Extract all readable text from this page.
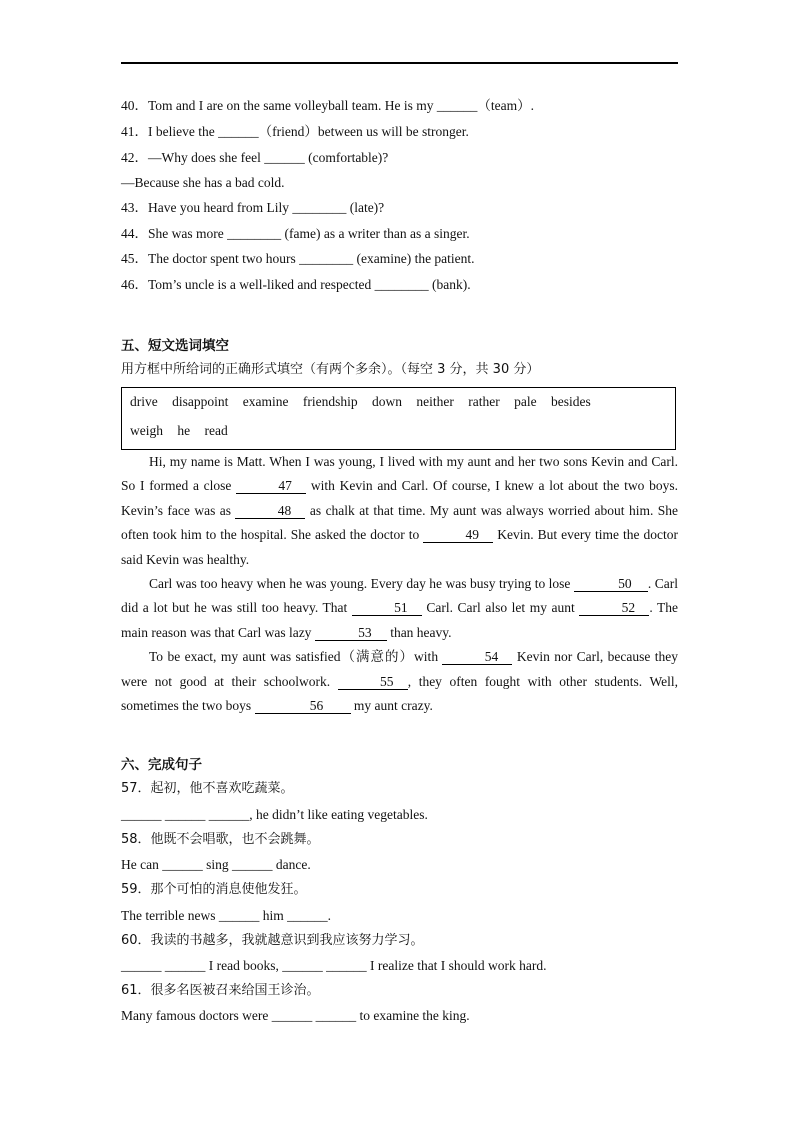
40．Tom and I are on the same volleyball team. He is my ______（team）.
41．I believe the ______（friend）between us will be stronger.
42．—Why does she feel ______ (comfortable)?
—Because she has a bad cold.
43．Have you heard from Lily ________ (late)?
44．She was more ________ (fame) as a writer than as a singer.
45．The doctor spent two hours ________ (examine) the patient.
46．Tom’s uncle is a well-liked and respected ________ (bank).
五、短文选词填空
用方框中所给词的正确形式填空（有两个多余）。（每空 3 分，共 30 分）
drive disappoint examine friendship down neither rather pale besides
weigh he read

Hi, my name is Matt. When I was young, I lived with my aunt and her two sons Kevin and Carl. So I formed a close	47 with Kevin and Carl. Of course, I knew a lot about the two boys. Kevin’s face was as	48 as chalk at that time. My aunt was always worried about him. She often took him to the hospital. She asked the doctor to	49 Kevin. But every time the doctor said Kevin was healthy.

Carl was too heavy when he was young. Every day he was busy trying to lose	50 . Carl did a lot but he was still too heavy. That	51 Carl. Carl also let my aunt	52 . The main reason was that Carl was lazy	53 than heavy.

To be exact, my aunt was satisfied（满意的）with	54 Kevin nor Carl, because they were not good at their schoolwork.	55 , they often fought with other students. Well, sometimes the two boys	56 my aunt crazy.

六、完成句子
57．起初，他不喜欢吃蔬菜。
______ ______ ______, he didn’t like eating vegetables.
58．他既不会唱歌，也不会跳舞。
He can ______ sing ______ dance.
59．那个可怕的消息使他发狂。
The terrible news ______ him ______.
60．我读的书越多，我就越意识到我应该努力学习。
______ ______ I read books, ______ ______ I realize that I should work hard.
61．很多名医被召来给国王诊治。
Many famous doctors were ______ ______ to examine the king.
